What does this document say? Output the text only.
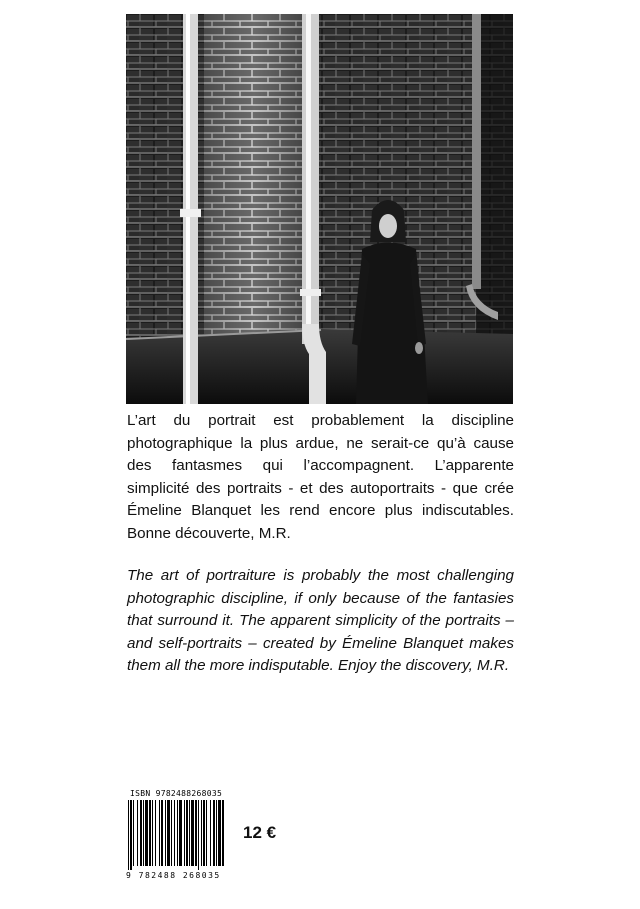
L’art du portrait est probablement la discipline photographique la plus ardue, ne serait-ce qu’à cause des fantasmes qui l’accompagnent. L’apparente simplicité des portraits - et des autoportraits - que crée Émeline Blanquet les rend encore plus indiscutables. Bonne découverte, M.R.

The art of portraiture is probably the most challenging photographic discipline, if only because of the fantasies that surround it. The apparent simplicity of the portraits – and self-portraits – created by Émeline Blanquet makes them all the more indisputable. Enjoy the discovery, M.R.

ISBN 9782488268035
9 782488 268035
12 €
